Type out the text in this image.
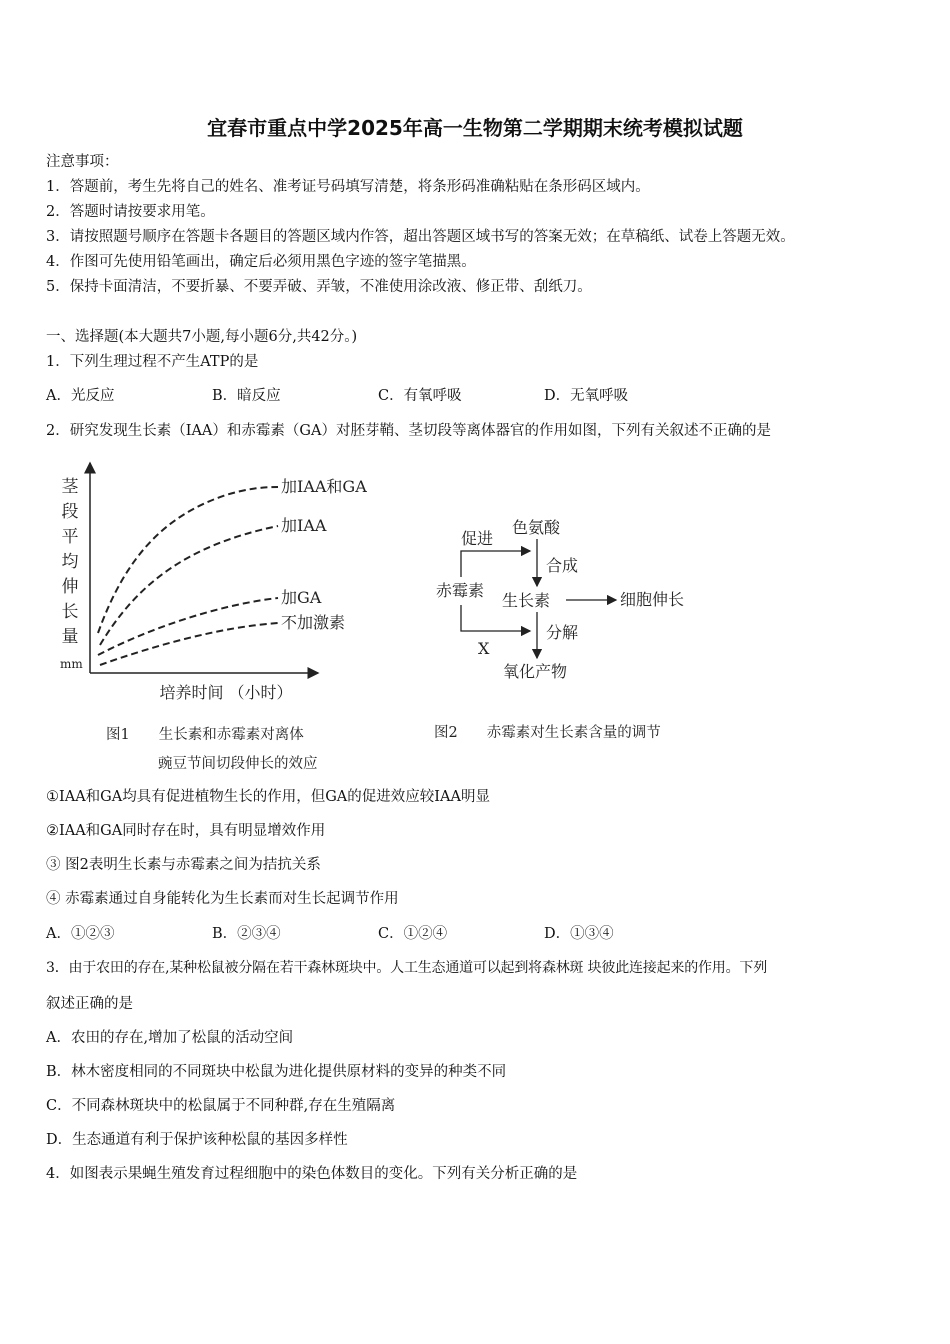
宜春市重点中学2025年高一生物第二学期期末统考模拟试题
注意事项：
1．答题前，考生先将自己的姓名、准考证号码填写清楚，将条形码准确粘贴在条形码区域内。
2．答题时请按要求用笔。
3．请按照题号顺序在答题卡各题目的答题区域内作答，超出答题区域书写的答案无效；在草稿纸、试卷上答题无效。
4．作图可先使用铅笔画出，确定后必须用黑色字迹的签字笔描黑。
5．保持卡面清洁，不要折暴、不要弄破、弄皱，不准使用涂改液、修正带、刮纸刀。
一、选择题(本大题共7小题,每小题6分,共42分。)
1．下列生理过程不产生ATP的是
A．光反应	B．暗反应	C．有氧呼吸	D．无氧呼吸
2．研究发现生长素（IAA）和赤霉素（GA）对胚芽鞘、茎切段等离体器官的作用如图，下列有关叙述不正确的是
茎
段
平
均
伸
长
量
mm
培养时间 （小时）
加IAA和GA
加IAA
加GA
不加激素
图1　　生长素和赤霉素对离体
豌豆节间切段伸长的效应
促进
色氨酸
合成
赤霉素
生长素	细胞伸长
X
分解
氧化产物
图2　　赤霉素对生长素含量的调节
①IAA和GA均具有促进植物生长的作用，但GA的促进效应较IAA明显
②IAA和GA同时存在时，具有明显增效作用
③ 图2表明生长素与赤霉素之间为拮抗关系
④ 赤霉素通过自身能转化为生长素而对生长起调节作用
A．①②③	B．②③④	C．①②④	D．①③④
3．由于农田的存在,某种松鼠被分隔在若干森林斑块中。人工生态通道可以起到将森林斑 块彼此连接起来的作用。下列
叙述正确的是
A．农田的存在,增加了松鼠的活动空间
B．林木密度相同的不同斑块中松鼠为进化提供原材料的变异的种类不同
C．不同森林斑块中的松鼠属于不同种群,存在生殖隔离
D．生态通道有利于保护该种松鼠的基因多样性
4．如图表示果蝇生殖发育过程细胞中的染色体数目的变化。下列有关分析正确的是
